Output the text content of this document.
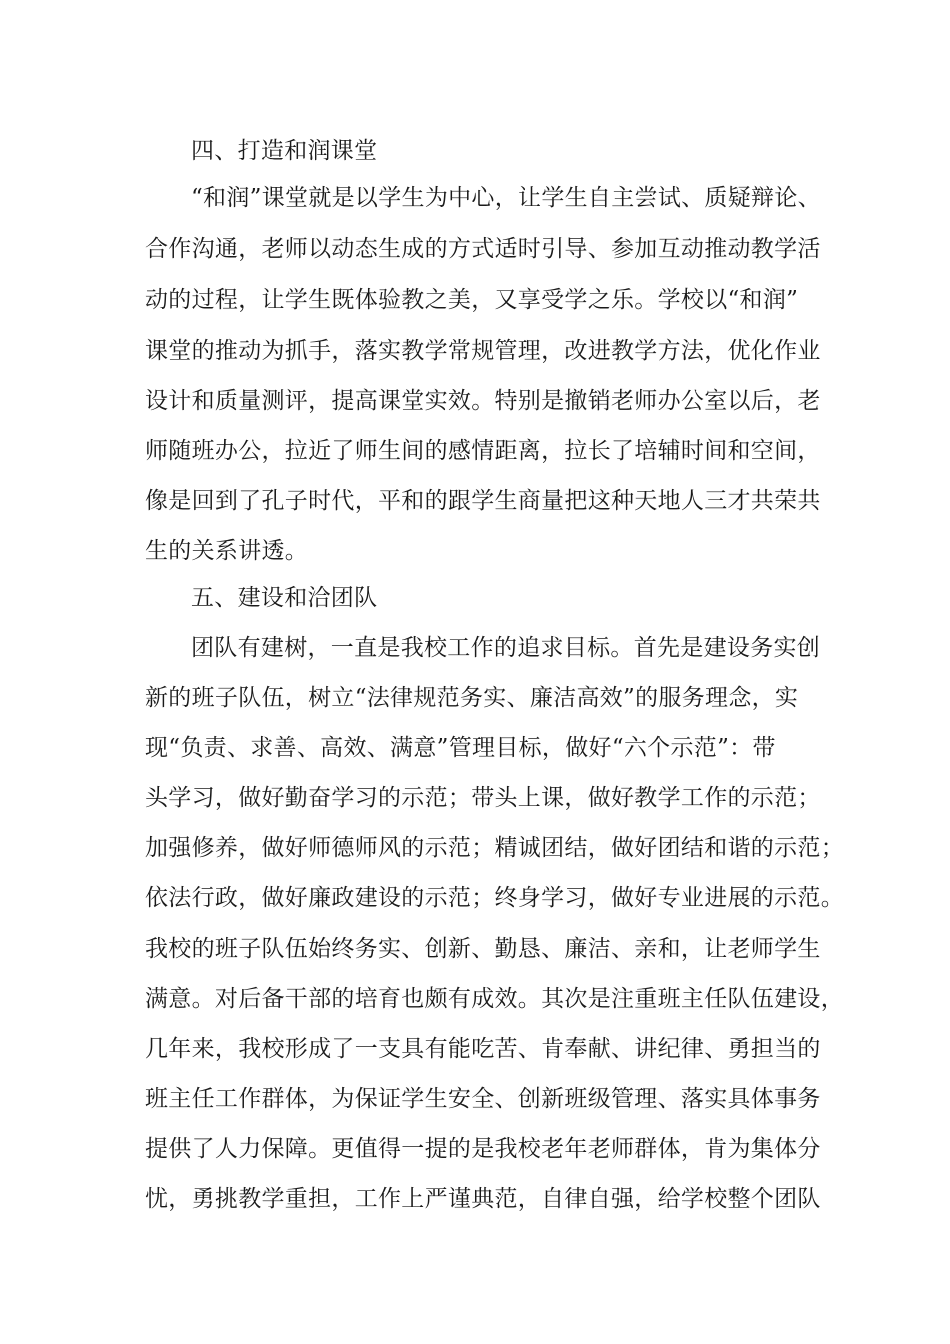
四、打造和润课堂
“和润”课堂就是以学生为中心，让学生自主尝试、质疑辩论、
合作沟通，老师以动态生成的方式适时引导、参加互动推动教学活
动的过程，让学生既体验教之美，又享受学之乐。学校以“和润”
课堂的推动为抓手，落实教学常规管理，改进教学方法，优化作业
设计和质量测评，提高课堂实效。特别是撤销老师办公室以后，老
师随班办公，拉近了师生间的感情距离，拉长了培辅时间和空间，
像是回到了孔子时代，平和的跟学生商量把这种天地人三才共荣共
生的关系讲透。
五、建设和洽团队
团队有建树，一直是我校工作的追求目标。首先是建设务实创
新的班子队伍，树立“法律规范务实、廉洁高效”的服务理念，实
现“负责、求善、高效、满意”管理目标，做好“六个示范”：带
头学习，做好勤奋学习的示范；带头上课，做好教学工作的示范；
加强修养，做好师德师风的示范；精诚团结，做好团结和谐的示范；
依法行政，做好廉政建设的示范；终身学习，做好专业进展的示范。
我校的班子队伍始终务实、创新、勤恳、廉洁、亲和，让老师学生
满意。对后备干部的培育也颇有成效。其次是注重班主任队伍建设，
几年来，我校形成了一支具有能吃苦、肯奉献、讲纪律、勇担当的
班主任工作群体，为保证学生安全、创新班级管理、落实具体事务
提供了人力保障。更值得一提的是我校老年老师群体，肯为集体分
忧，勇挑教学重担，工作上严谨典范，自律自强，给学校整个团队
